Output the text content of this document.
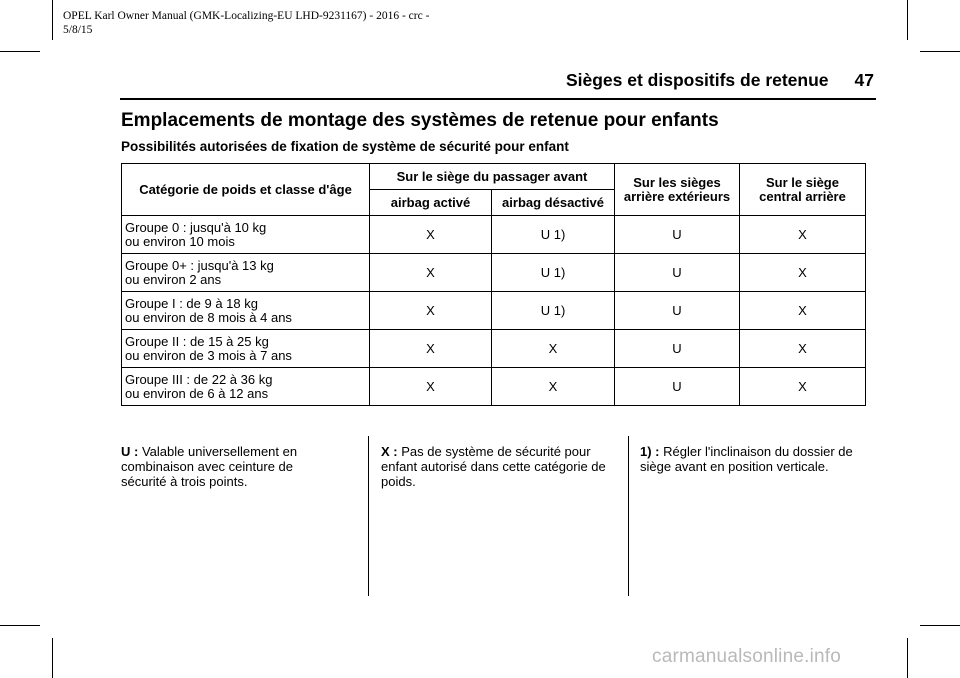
OPEL Karl Owner Manual (GMK-Localizing-EU LHD-9231167) - 2016 - crc -
5/8/15
Sièges et dispositifs de retenue 47
Emplacements de montage des systèmes de retenue pour enfants
Possibilités autorisées de fixation de système de sécurité pour enfant
Catégorie de poids et classe d'âge	Sur le siège du passager avant		Sur les sièges arrière extérieurs	Sur le siège central arrière
	airbag activé	airbag désactivé		

Groupe 0 : jusqu'à 10 kg
ou environ 10 mois	X	U 1)	U	X

Groupe 0+ : jusqu'à 13 kg
ou environ 2 ans	X	U 1)	U	X

Groupe I : de 9 à 18 kg
ou environ de 8 mois à 4 ans	X	U 1)	U	X

Groupe II : de 15 à 25 kg
ou environ de 3 mois à 7 ans	X	X	U	X

Groupe III : de 22 à 36 kg
ou environ de 6 à 12 ans	X	X	U	X
U : Valable universellement en combinaison avec ceinture de sécurité à trois points.
X : Pas de système de sécurité pour enfant autorisé dans cette catégorie de poids.
1) : Régler l'inclinaison du dossier de siège avant en position verticale.
carmanualsonline.info
